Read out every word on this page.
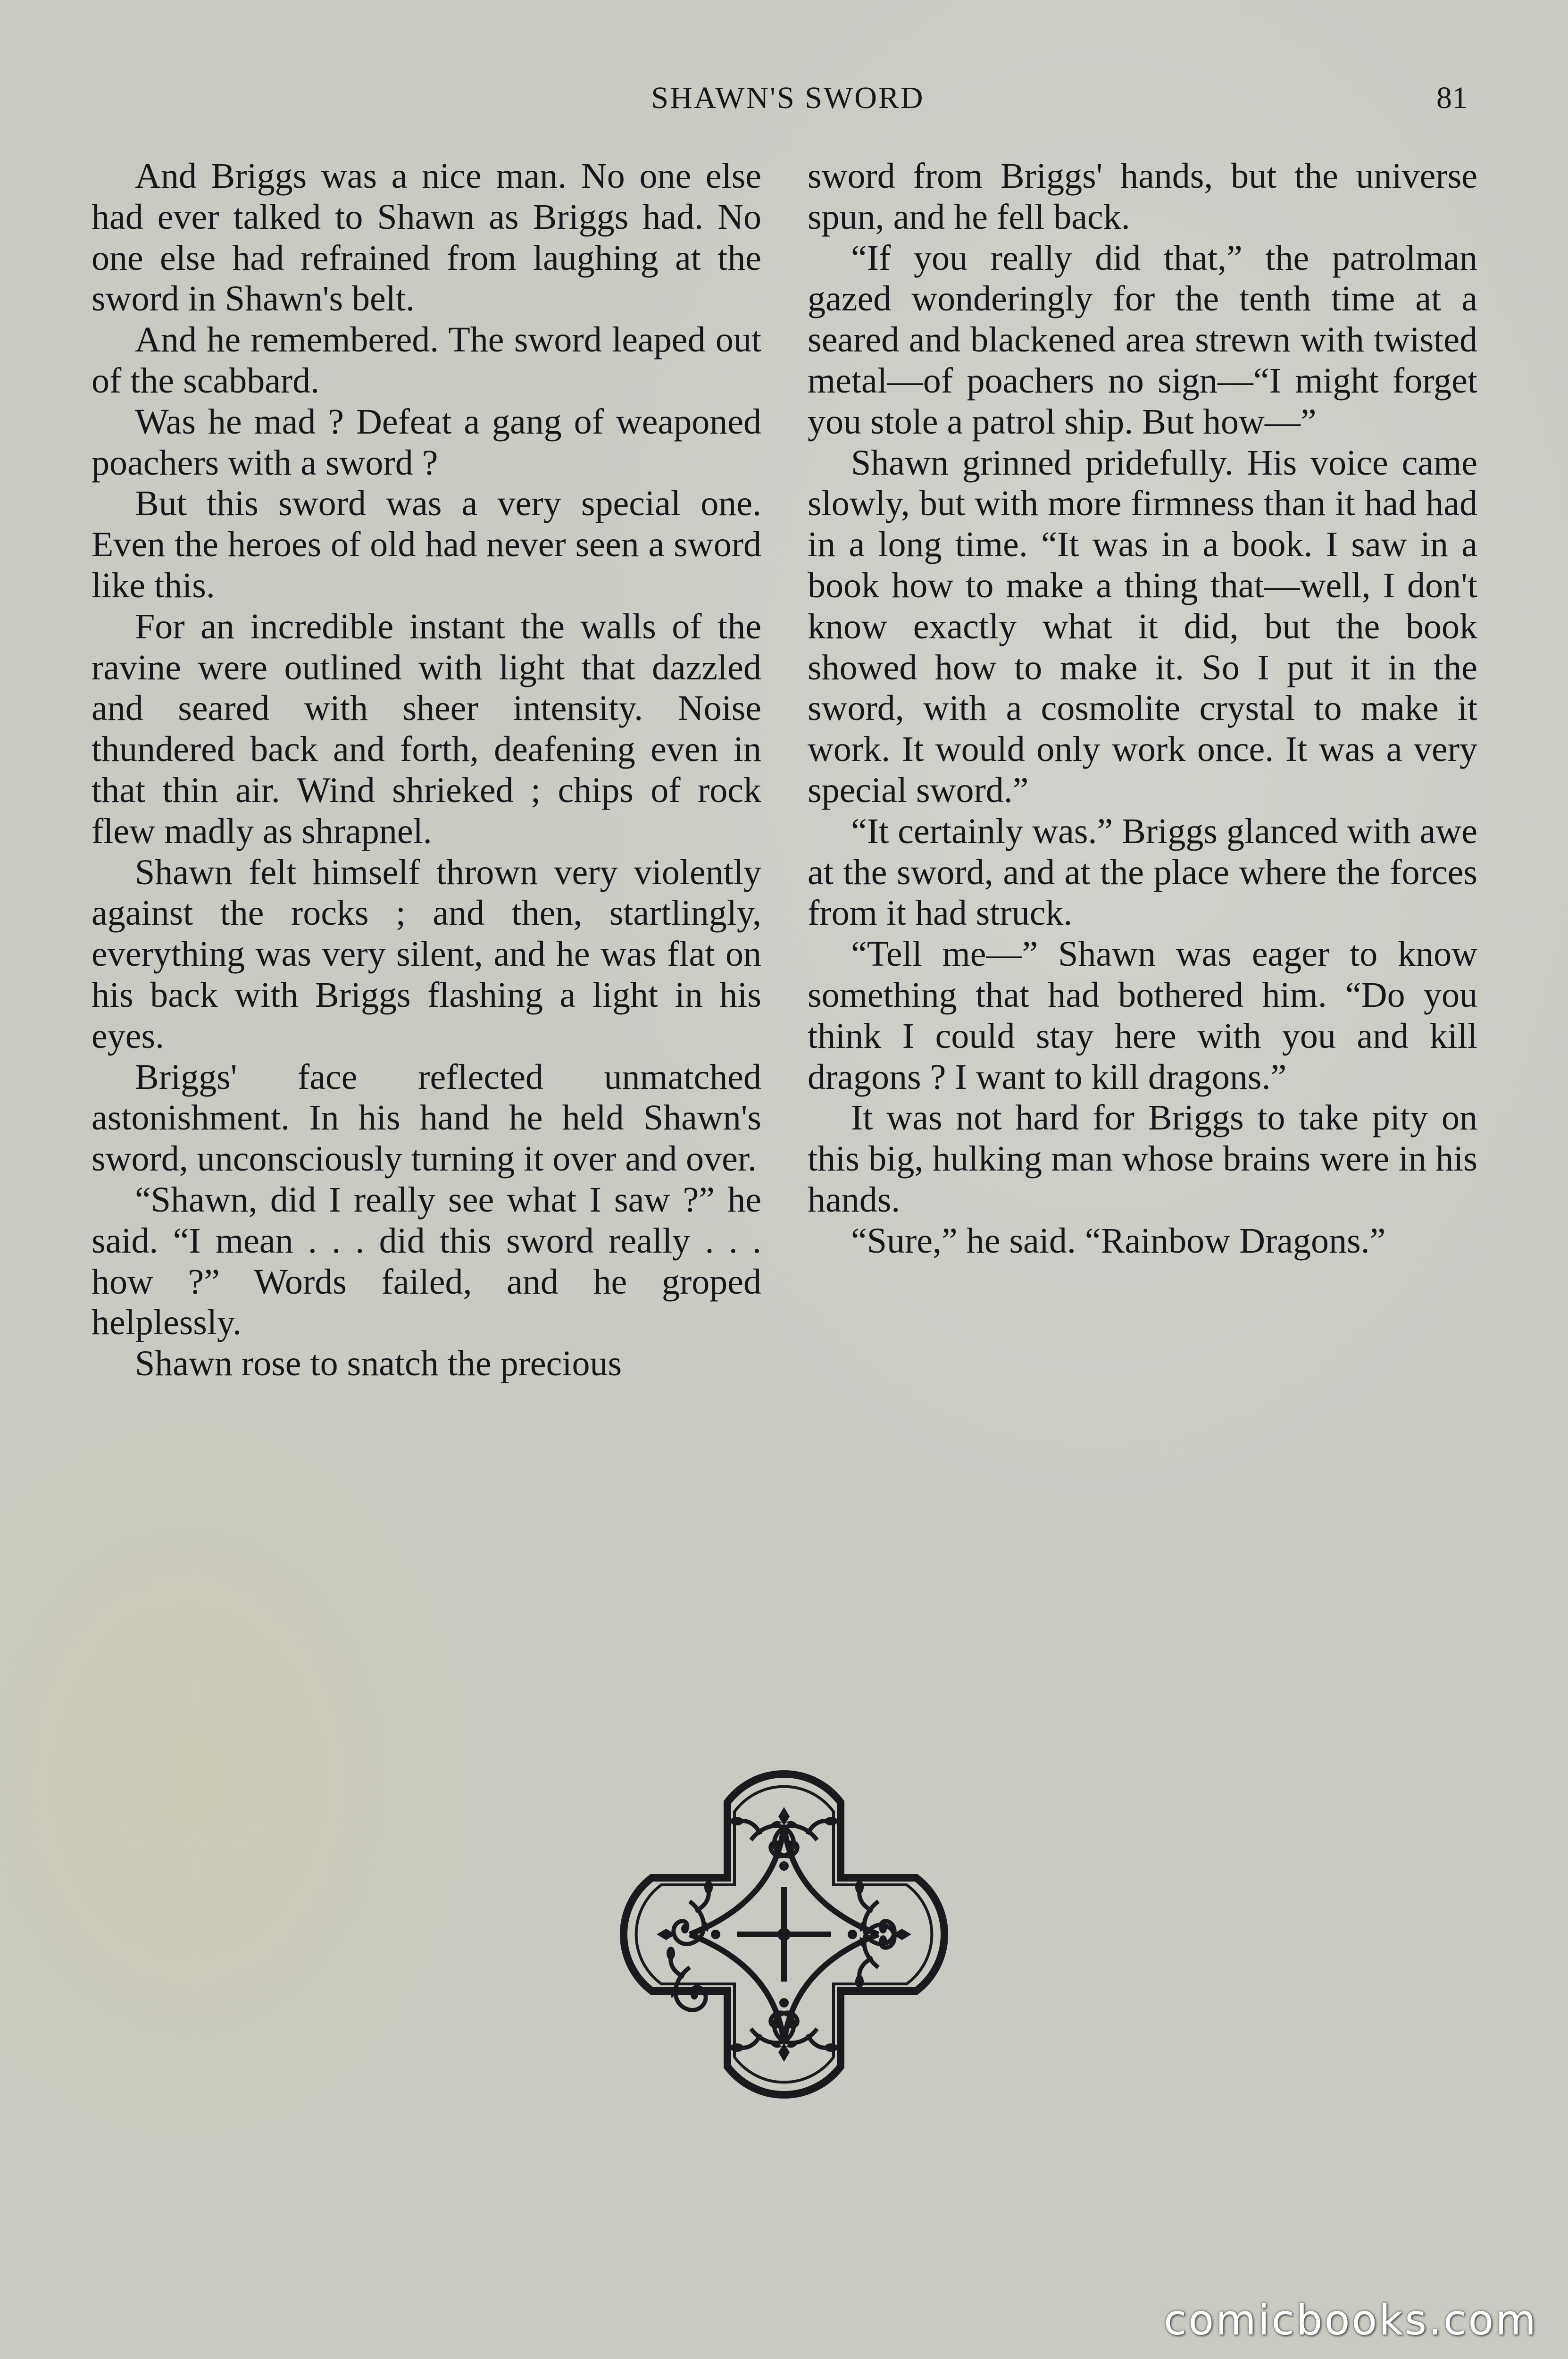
SHAWN'S SWORD	81

And Briggs was a nice man. No one else had ever talked to Shawn as Briggs had. No one else had refrained from laughing at the sword in Shawn's belt.

And he remembered. The sword leaped out of the scabbard.

Was he mad ? Defeat a gang of weaponed poachers with a sword ?

But this sword was a very special one. Even the heroes of old had never seen a sword like this.

For an incredible instant the walls of the ravine were outlined with light that dazzled and seared with sheer intensity. Noise thundered back and forth, deafening even in that thin air. Wind shrieked ; chips of rock flew madly as shrapnel.

Shawn felt himself thrown very violently against the rocks ; and then, startlingly, everything was very silent, and he was flat on his back with Briggs flashing a light in his eyes.

Briggs' face reflected unmatched astonishment. In his hand he held Shawn's sword, unconsciously turning it over and over.

“Shawn, did I really see what I saw ?” he said. “I mean . . . did this sword really . . . how ?” Words failed, and he groped helplessly.

Shawn rose to snatch the precious

sword from Briggs' hands, but the universe spun, and he fell back.

“If you really did that,” the patrolman gazed wonderingly for the tenth time at a seared and blackened area strewn with twisted metal—of poachers no sign—“I might forget you stole a patrol ship. But how—”

Shawn grinned pridefully. His voice came slowly, but with more firmness than it had had in a long time. “It was in a book. I saw in a book how to make a thing that—well, I don't know exactly what it did, but the book showed how to make it. So I put it in the sword, with a cosmolite crystal to make it work. It would only work once. It was a very special sword.”

“It certainly was.” Briggs glanced with awe at the sword, and at the place where the forces from it had struck.

“Tell me—” Shawn was eager to know something that had bothered him. “Do you think I could stay here with you and kill dragons ? I want to kill dragons.”

It was not hard for Briggs to take pity on this big, hulking man whose brains were in his hands.

“Sure,” he said. “Rainbow Dragons.”

comicbooks.com
